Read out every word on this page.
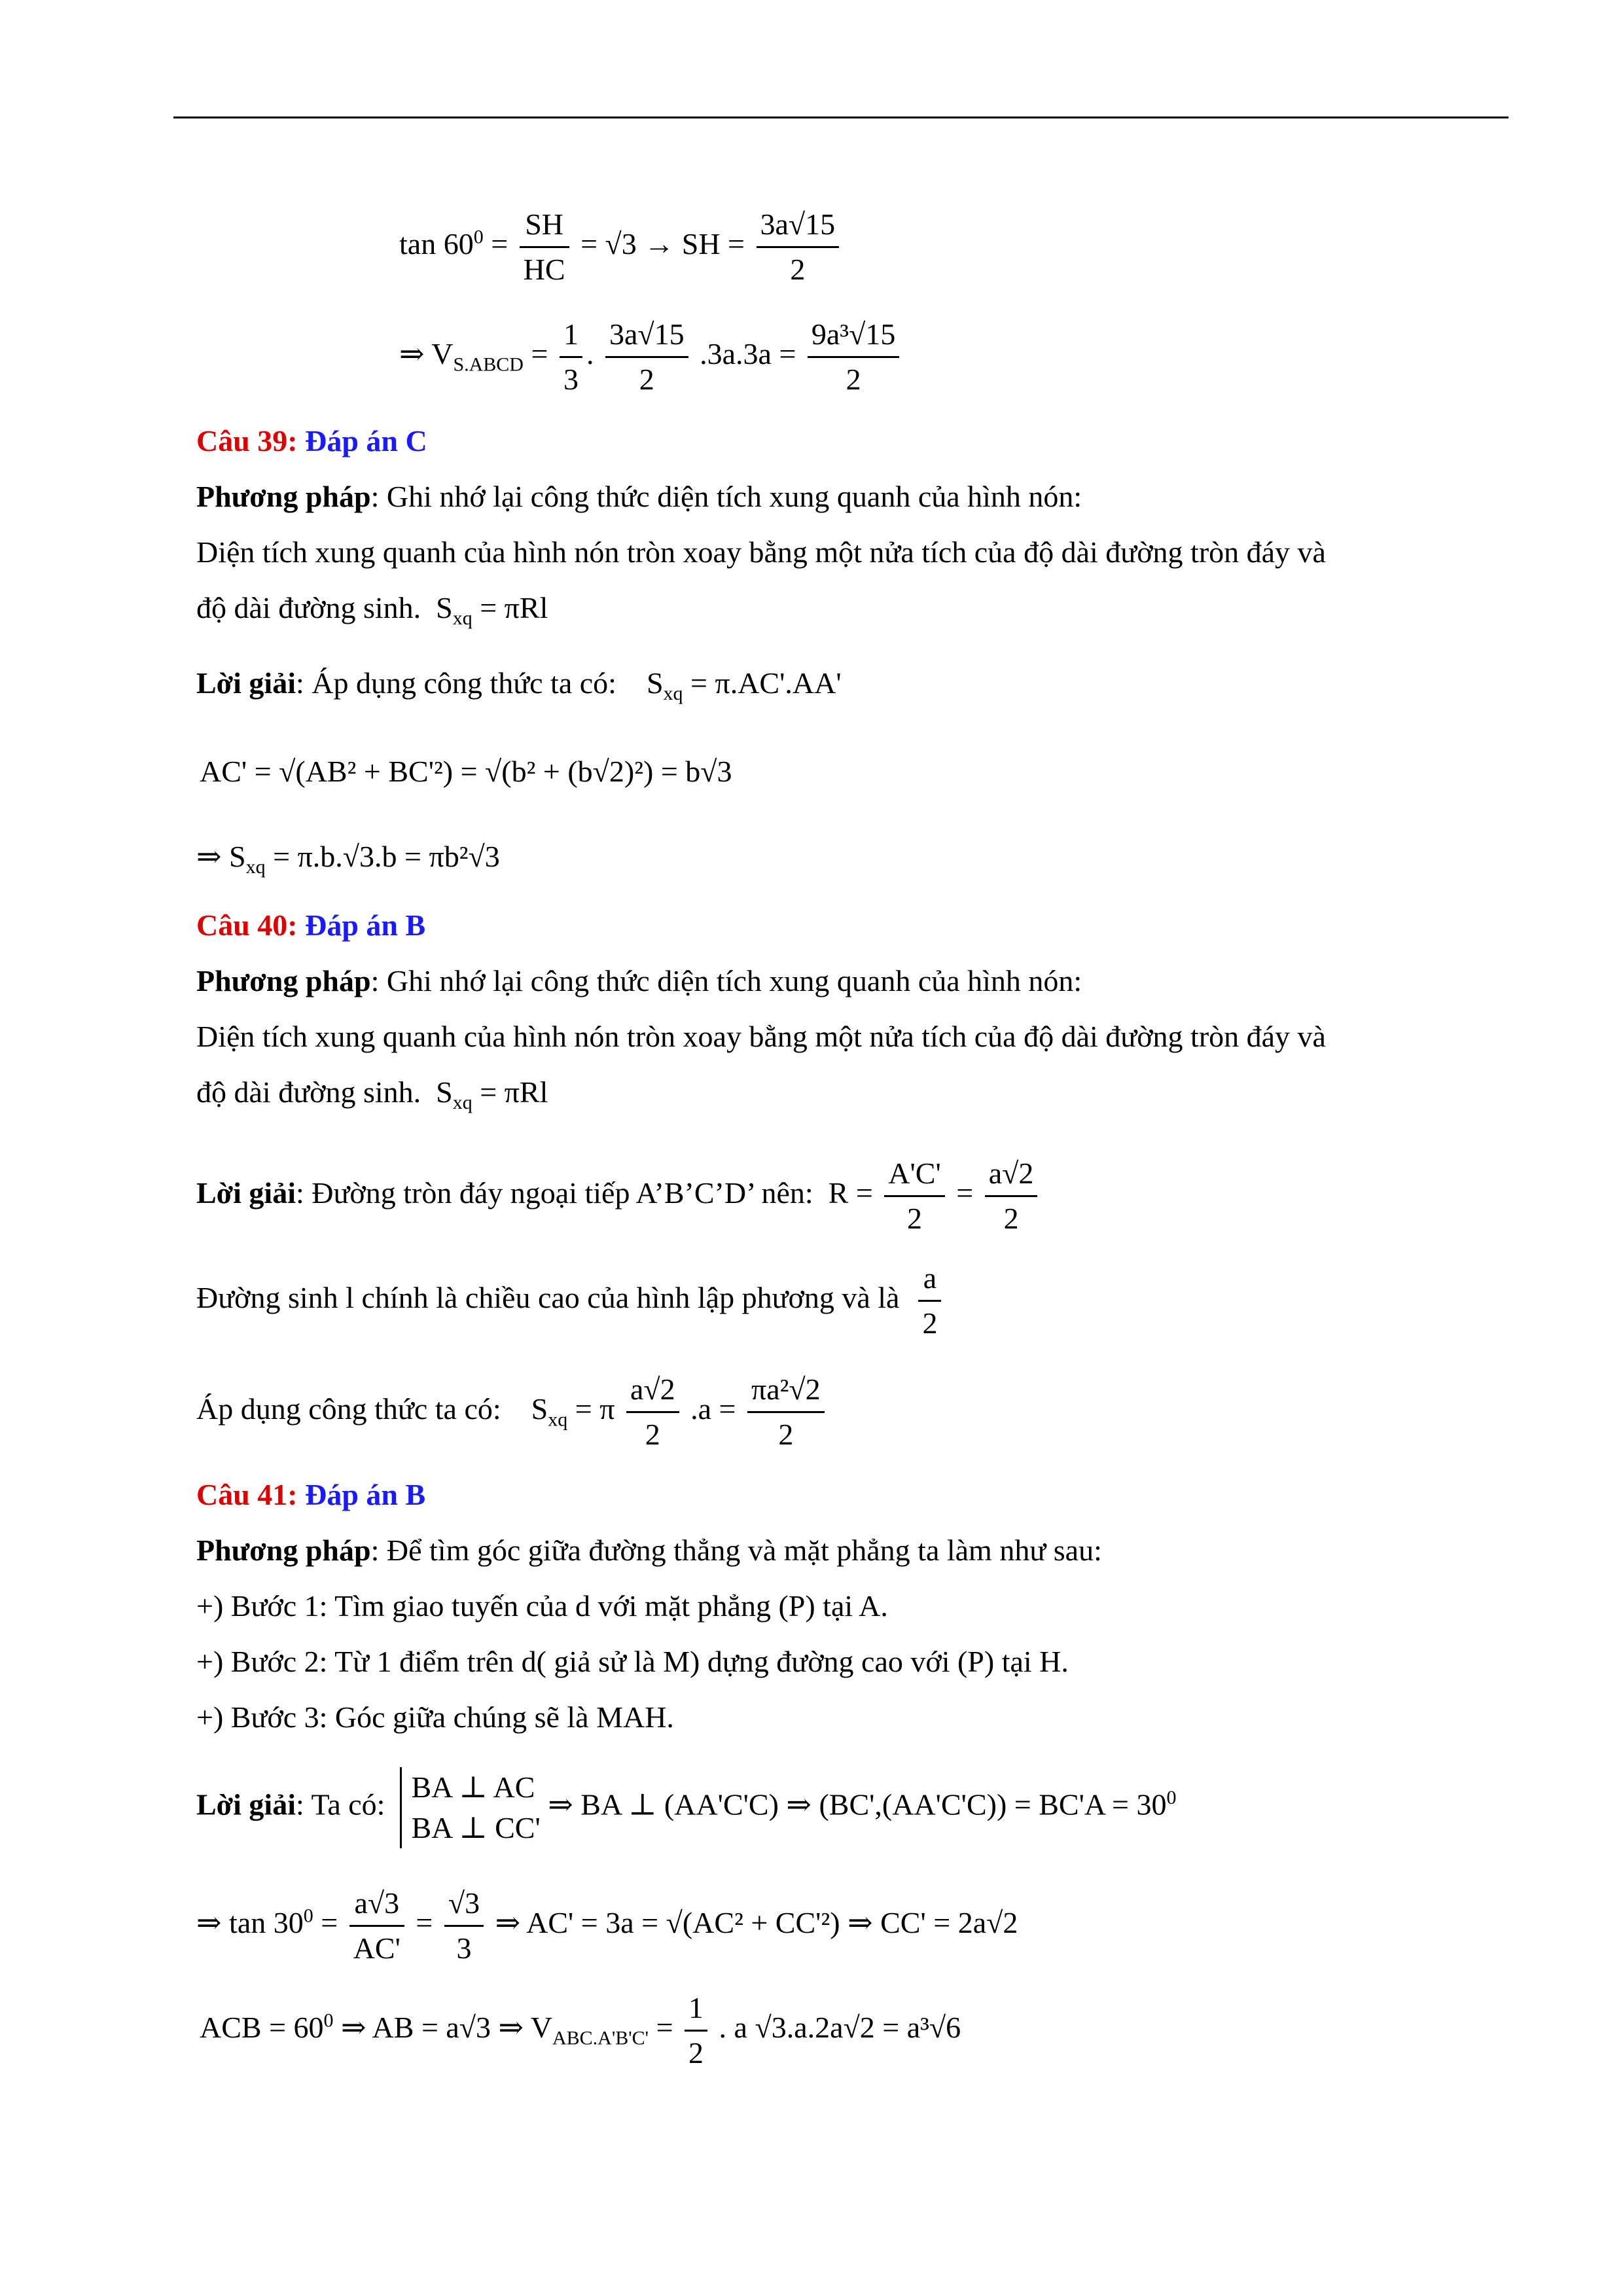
$\tan 60^0 = \frac{SH}{HC} = √3$ → SH = $\frac{3a√15}{2}$
⇒ $V_{S.ABCD} = \frac{1}{3}$ . $\frac{3a√15}{2} .3a.3a = \frac{\text{9a³√15}}{2}$
Câu 39: Đáp án C
Phương pháp: Ghi nhớ lại công thức diện tích xung quanh của hình nón:
Diện tích xung quanh của hình nón tròn xoay bằng một nửa tích của độ dài đường tròn đáy và
độ dài đường sinh. $S_{xq} = \pi Rl$
Lời giải: Áp dụng công thức ta có: $S_{xq} = \pi.AC'.AA'$
AC' = √(AB² + BC'²) = √(b² + (b√2)²) = b√3
⇒ $S_{xq} = \pi.b.√3.b = \pi b^2√3$
Câu 40: Đáp án B
Phương pháp: Ghi nhớ lại công thức diện tích xung quanh của hình nón:
Diện tích xung quanh của hình nón tròn xoay bằng một nửa tích của độ dài đường tròn đáy và
độ dài đường sinh. $S_{xq} = \pi Rl$
Lời giải: Đường tròn đáy ngoại tiếp A’B’C’D’ nên: $R = \frac{A'C'}{2} = \frac{a√2}{2}$
Đường sinh l chính là chiều cao của hình lập phương và là $\frac{a}{2}$
Áp dụng công thức ta có: $S_{xq} = \pi \frac{a√2}{2} .a = \frac{\text{πa²√2}}{2}$
Câu 41: Đáp án B
Phương pháp: Để tìm góc giữa đường thẳng và mặt phẳng ta làm như sau:
+) Bước 1: Tìm giao tuyến của d với mặt phẳng (P) tại A.
+) Bước 2: Từ 1 điểm trên d( giả sử là M) dựng đường cao với (P) tại H.
+) Bước 3: Góc giữa chúng sẽ là MAH.
Lời giải: Ta có:
BA ⊥ AC
BA ⊥ CC'
⇒ BA ⊥ (AA'C'C) ⇒ $(BC',(AA'C'C)) = BC'A = 30^0$
⇒ $\tan 30^0 = \frac{a√3}{AC'} = \frac{√3}{3}$ ⇒ AC' = 3a = √(AC² + CC'²) ⇒ CC' = 2a√2
ACB = $60^0$ ⇒ AB = a√3 ⇒ $V_{ABC.A'B'C'} = \frac{1}{2}$ . a √3.a.2a√2 = a³√6
